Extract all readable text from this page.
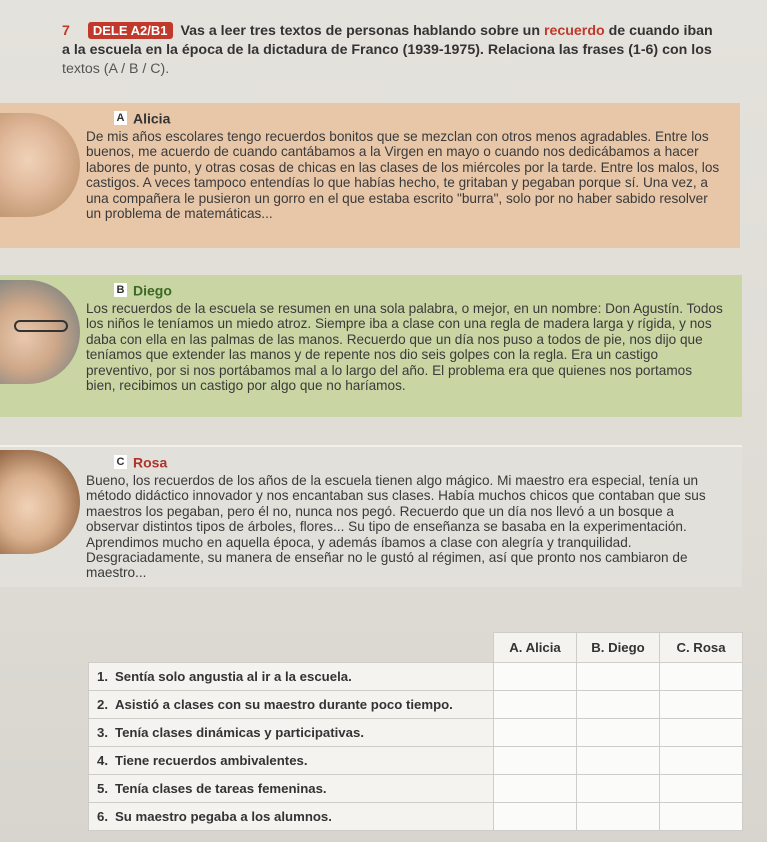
7 DELE A2/B1 Vas a leer tres textos de personas hablando sobre un recuerdo de cuando iban
a la escuela en la época de la dictadura de Franco (1939-1975). Relaciona las frases (1-6) con los
textos (A / B / C).
A Alicia

De mis años escolares tengo recuerdos bonitos que se mezclan con otros menos agradables. Entre los buenos, me acuerdo de cuando cantábamos a la Virgen en mayo o cuando nos dedicábamos a hacer labores de punto, y otras cosas de chicas en las clases de los miércoles por la tarde. Entre los malos, los castigos. A veces tampoco entendías lo que habías hecho, te gritaban y pegaban porque sí. Una vez, a una compañera le pusieron un gorro en el que estaba escrito "burra", solo por no haber sabido resolver un problema de matemáticas...

B Diego

Los recuerdos de la escuela se resumen en una sola palabra, o mejor, en un nombre: Don Agustín. Todos los niños le teníamos un miedo atroz. Siempre iba a clase con una regla de madera larga y rígida, y nos daba con ella en las palmas de las manos. Recuerdo que un día nos puso a todos de pie, nos dijo que teníamos que extender las manos y de repente nos dio seis golpes con la regla. Era un castigo preventivo, por si nos portábamos mal a lo largo del año. El problema era que quienes nos portamos bien, recibimos un castigo por algo que no haríamos.

C Rosa

Bueno, los recuerdos de los años de la escuela tienen algo mágico. Mi maestro era especial, tenía un método didáctico innovador y nos encantaban sus clases. Había muchos chicos que contaban que sus maestros los pegaban, pero él no, nunca nos pegó. Recuerdo que un día nos llevó a un bosque a observar distintos tipos de árboles, flores... Su tipo de enseñanza se basaba en la experimentación. Aprendimos mucho en aquella época, y además íbamos a clase con alegría y tranquilidad. Desgraciadamente, su manera de enseñar no le gustó al régimen, así que pronto nos cambiaron de maestro...

	A. Alicia	B. Diego	C. Rosa
1. Sentía solo angustia al ir a la escuela.			
2. Asistió a clases con su maestro durante poco tiempo.			
3. Tenía clases dinámicas y participativas.			
4. Tiene recuerdos ambivalentes.			
5. Tenía clases de tareas femeninas.			
6. Su maestro pegaba a los alumnos.			
